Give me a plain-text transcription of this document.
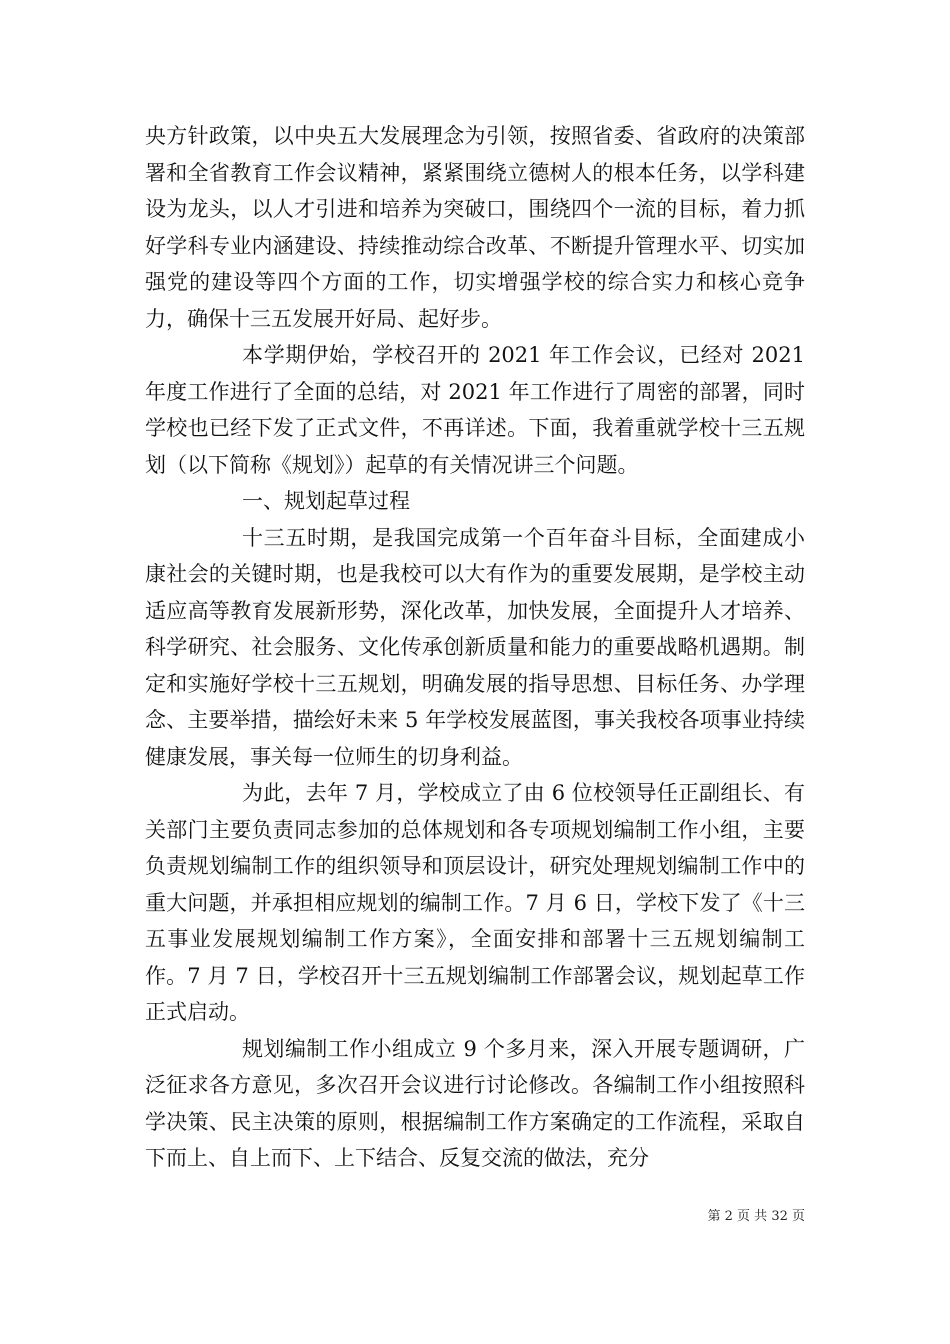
央方针政策，以中央五大发展理念为引领，按照省委、省政府的决策部署和全省教育工作会议精神，紧紧围绕立德树人的根本任务，以学科建设为龙头，以人才引进和培养为突破口，围绕四个一流的目标，着力抓好学科专业内涵建设、持续推动综合改革、不断提升管理水平、切实加强党的建设等四个方面的工作，切实增强学校的综合实力和核心竞争力，确保十三五发展开好局、起好步。

本学期伊始，学校召开的 2021 年工作会议，已经对 2021 年度工作进行了全面的总结，对 2021 年工作进行了周密的部署，同时学校也已经下发了正式文件，不再详述。下面，我着重就学校十三五规划（以下简称《规划》）起草的有关情况讲三个问题。

一、规划起草过程

十三五时期，是我国完成第一个百年奋斗目标，全面建成小康社会的关键时期，也是我校可以大有作为的重要发展期，是学校主动适应高等教育发展新形势，深化改革，加快发展，全面提升人才培养、科学研究、社会服务、文化传承创新质量和能力的重要战略机遇期。制定和实施好学校十三五规划，明确发展的指导思想、目标任务、办学理念、主要举措，描绘好未来 5 年学校发展蓝图，事关我校各项事业持续健康发展，事关每一位师生的切身利益。

为此，去年 7 月，学校成立了由 6 位校领导任正副组长、有关部门主要负责同志参加的总体规划和各专项规划编制工作小组，主要负责规划编制工作的组织领导和顶层设计，研究处理规划编制工作中的重大问题，并承担相应规划的编制工作。7 月 6 日，学校下发了《十三五事业发展规划编制工作方案》，全面安排和部署十三五规划编制工作。7 月 7 日，学校召开十三五规划编制工作部署会议，规划起草工作正式启动。

规划编制工作小组成立 9 个多月来，深入开展专题调研，广泛征求各方意见，多次召开会议进行讨论修改。各编制工作小组按照科学决策、民主决策的原则，根据编制工作方案确定的工作流程，采取自下而上、自上而下、上下结合、反复交流的做法，充分

第 2 页 共 32 页
